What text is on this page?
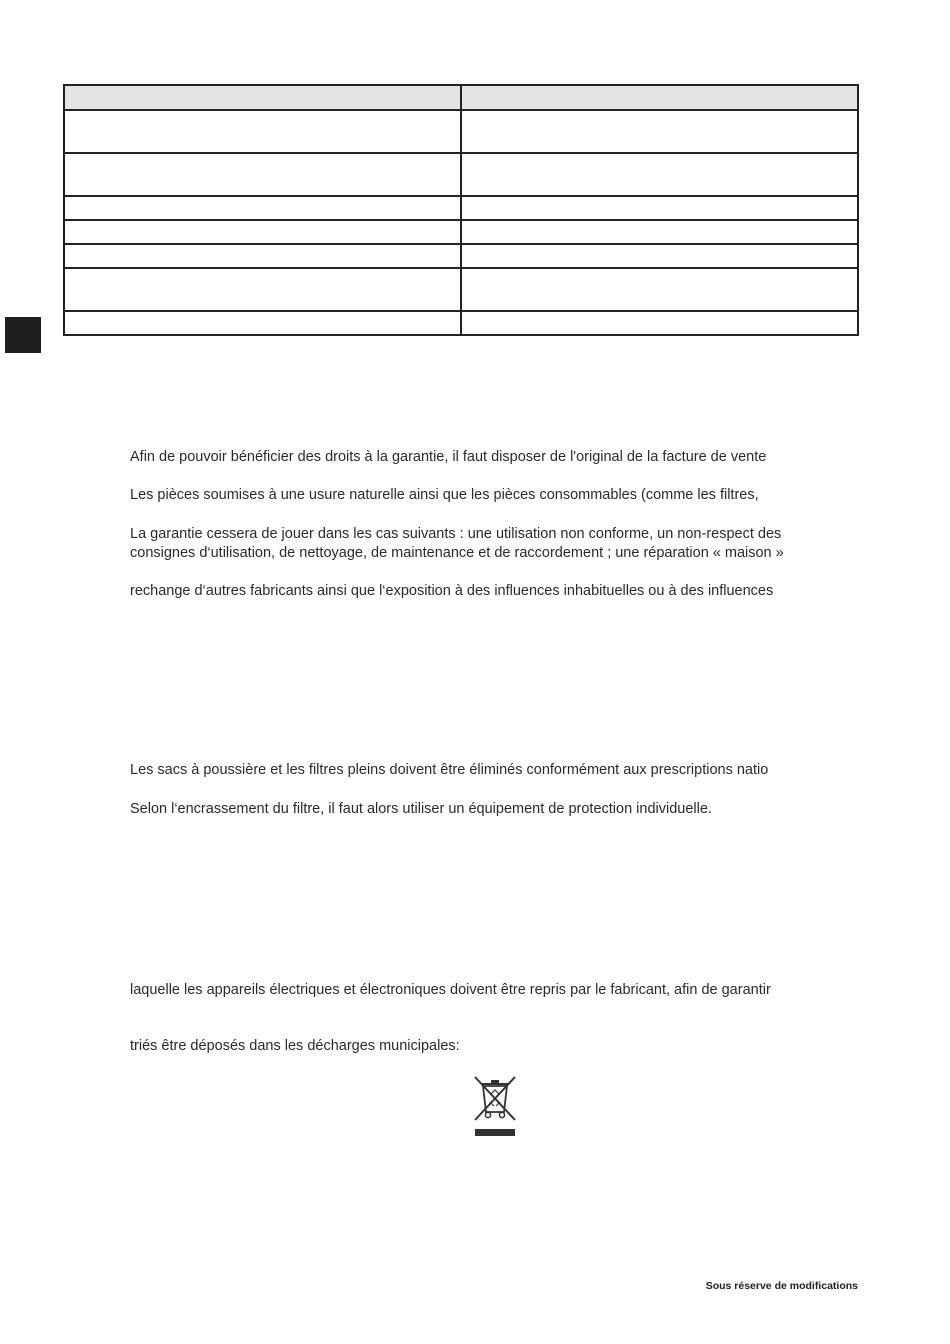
Afin de pouvoir bénéficier des droits à la garantie, il faut disposer de l'original de la facture de vente
Les pièces soumises à une usure naturelle ainsi que les pièces consommables (comme les filtres,
La garantie cessera de jouer dans les cas suivants : une utilisation non conforme, un non-respect des
consignes d‘utilisation, de nettoyage, de maintenance et de raccordement ; une réparation « maison »
rechange d‘autres fabricants ainsi que l‘exposition à des influences inhabituelles ou à des influences
Les sacs à poussière et les filtres pleins doivent être éliminés conformément aux prescriptions natio
Selon l‘encrassement du filtre, il faut alors utiliser un équipement de protection individuelle.
laquelle les appareils électriques et électroniques doivent être repris par le fabricant, afin de garantir
triés être déposés dans les décharges municipales:
Sous réserve de modifications
